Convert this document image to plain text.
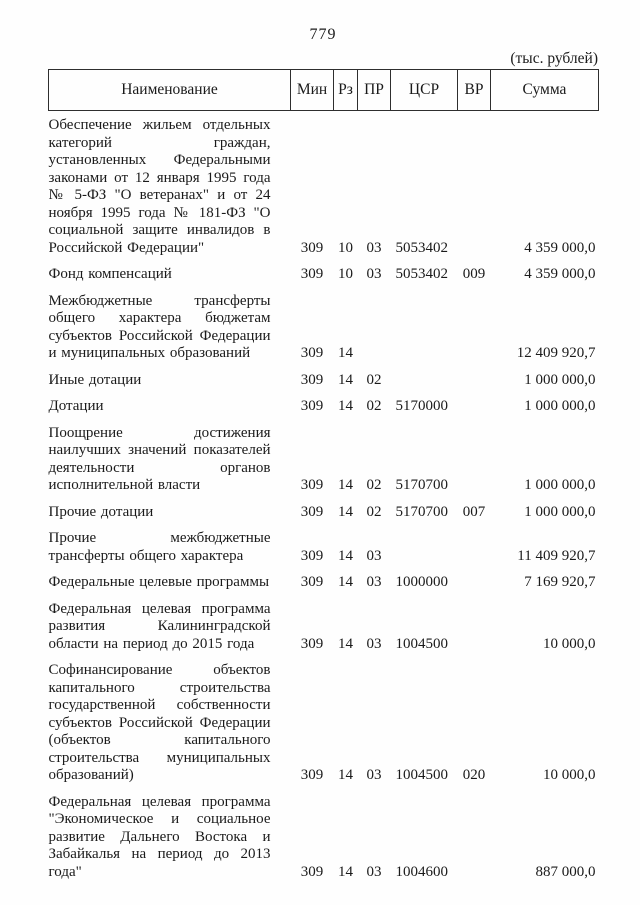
779
(тыс. рублей)
Наименование	Мин	Рз	ПР	ЦСР	ВР	Сумма
Обеспечение жильем отдельных категорий граждан, установленных Федеральными законами от 12 января 1995 года № 5-ФЗ "О ветеранах" и от 24 ноября 1995 года № 181-ФЗ "О социальной защите инвалидов в Российской Федерации"	309	10	03	5053402		4 359 000,0
Фонд компенсаций	309	10	03	5053402	009	4 359 000,0
Межбюджетные трансферты общего характера бюджетам субъектов Российской Федерации и муниципальных образований	309	14				12 409 920,7
Иные дотации	309	14	02			1 000 000,0
Дотации	309	14	02	5170000		1 000 000,0
Поощрение достижения наилучших значений показателей деятельности органов исполнительной власти	309	14	02	5170700		1 000 000,0
Прочие дотации	309	14	02	5170700	007	1 000 000,0
Прочие межбюджетные трансферты общего характера	309	14	03			11 409 920,7
Федеральные целевые программы	309	14	03	1000000		7 169 920,7
Федеральная целевая программа развития Калининградской области на период до 2015 года	309	14	03	1004500		10 000,0
Софинансирование объектов капитального строительства государственной собственности субъектов Российской Федерации (объектов капитального строительства муниципальных образований)	309	14	03	1004500	020	10 000,0
Федеральная целевая программа "Экономическое и социальное развитие Дальнего Востока и Забайкалья на период до 2013 года"	309	14	03	1004600		887 000,0
